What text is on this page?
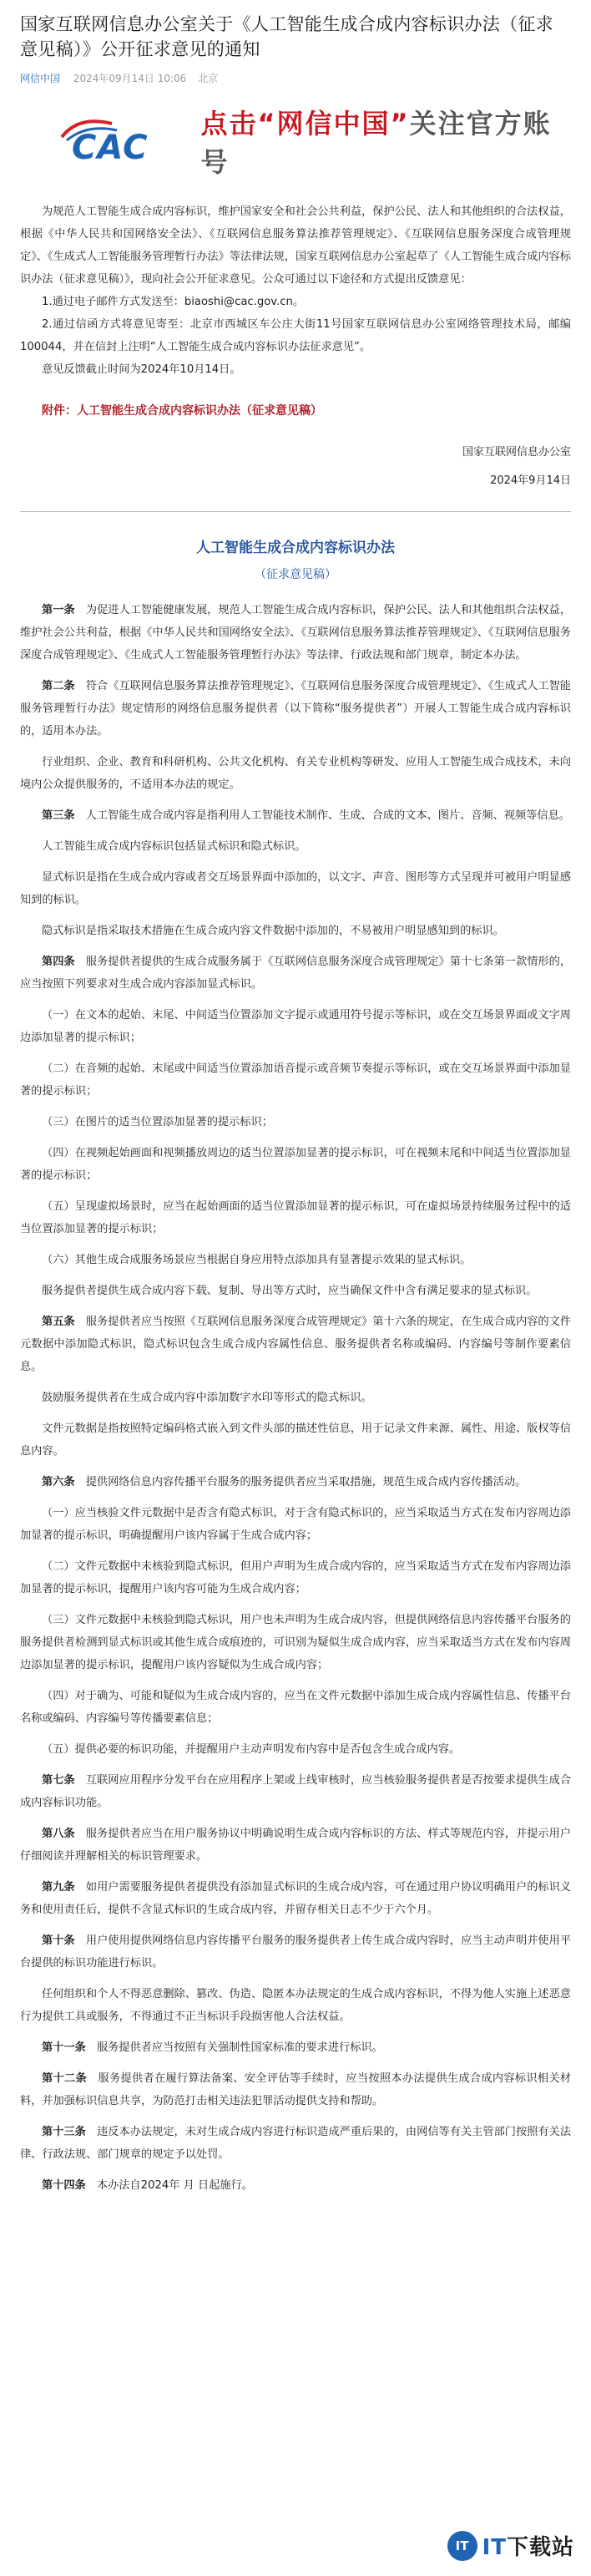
国家互联网信息办公室关于《人工智能生成合成内容标识办法（征求意见稿）》公开征求意见的通知
网信中国 2024年09月14日 10:06 北京
CAC
点击“网信中国”关注官方账号

为规范人工智能生成合成内容标识，维护国家安全和社会公共利益，保护公民、法人和其他组织的合法权益，根据《中华人民共和国网络安全法》、《互联网信息服务算法推荐管理规定》、《互联网信息服务深度合成管理规定》、《生成式人工智能服务管理暂行办法》等法律法规，国家互联网信息办公室起草了《人工智能生成合成内容标识办法（征求意见稿）》，现向社会公开征求意见。公众可通过以下途径和方式提出反馈意见：

1.通过电子邮件方式发送至：biaoshi@cac.gov.cn。

2.通过信函方式将意见寄至：北京市西城区车公庄大街11号国家互联网信息办公室网络管理技术局，邮编100044，并在信封上注明“人工智能生成合成内容标识办法征求意见”。

意见反馈截止时间为2024年10月14日。

附件：人工智能生成合成内容标识办法（征求意见稿）

国家互联网信息办公室
2024年9月14日
人工智能生成合成内容标识办法
（征求意见稿）

第一条　 为促进人工智能健康发展，规范人工智能生成合成内容标识，保护公民、法人和其他组织合法权益，维护社会公共利益，根据《中华人民共和国网络安全法》、《互联网信息服务算法推荐管理规定》、《互联网信息服务深度合成管理规定》、《生成式人工智能服务管理暂行办法》等法律、行政法规和部门规章，制定本办法。

第二条　 符合《互联网信息服务算法推荐管理规定》、《互联网信息服务深度合成管理规定》、《生成式人工智能服务管理暂行办法》规定情形的网络信息服务提供者（以下简称“服务提供者”）开展人工智能生成合成内容标识的，适用本办法。

行业组织、企业、教育和科研机构、公共文化机构、有关专业机构等研发、应用人工智能生成合成技术，未向境内公众提供服务的，不适用本办法的规定。

第三条　 人工智能生成合成内容是指利用人工智能技术制作、生成、合成的文本、图片、音频、视频等信息。

人工智能生成合成内容标识包括显式标识和隐式标识。

显式标识是指在生成合成内容或者交互场景界面中添加的，以文字、声音、图形等方式呈现并可被用户明显感知到的标识。

隐式标识是指采取技术措施在生成合成内容文件数据中添加的，不易被用户明显感知到的标识。

第四条　 服务提供者提供的生成合成服务属于《互联网信息服务深度合成管理规定》第十七条第一款情形的，应当按照下列要求对生成合成内容添加显式标识。

（一）在文本的起始、末尾、中间适当位置添加文字提示或通用符号提示等标识，或在交互场景界面或文字周边添加显著的提示标识；

（二）在音频的起始、末尾或中间适当位置添加语音提示或音频节奏提示等标识，或在交互场景界面中添加显著的提示标识；

（三）在图片的适当位置添加显著的提示标识；

（四）在视频起始画面和视频播放周边的适当位置添加显著的提示标识，可在视频末尾和中间适当位置添加显著的提示标识；

（五）呈现虚拟场景时，应当在起始画面的适当位置添加显著的提示标识，可在虚拟场景持续服务过程中的适当位置添加显著的提示标识；

（六）其他生成合成服务场景应当根据自身应用特点添加具有显著提示效果的显式标识。

服务提供者提供生成合成内容下载、复制、导出等方式时，应当确保文件中含有满足要求的显式标识。

第五条　 服务提供者应当按照《互联网信息服务深度合成管理规定》第十六条的规定，在生成合成内容的文件元数据中添加隐式标识，隐式标识包含生成合成内容属性信息、服务提供者名称或编码、内容编号等制作要素信息。

鼓励服务提供者在生成合成内容中添加数字水印等形式的隐式标识。

文件元数据是指按照特定编码格式嵌入到文件头部的描述性信息，用于记录文件来源、属性、用途、版权等信息内容。

第六条　 提供网络信息内容传播平台服务的服务提供者应当采取措施，规范生成合成内容传播活动。

（一）应当核验文件元数据中是否含有隐式标识，对于含有隐式标识的，应当采取适当方式在发布内容周边添加显著的提示标识，明确提醒用户该内容属于生成合成内容；

（二）文件元数据中未核验到隐式标识，但用户声明为生成合成内容的，应当采取适当方式在发布内容周边添加显著的提示标识，提醒用户该内容可能为生成合成内容；

（三）文件元数据中未核验到隐式标识，用户也未声明为生成合成内容，但提供网络信息内容传播平台服务的服务提供者检测到显式标识或其他生成合成痕迹的，可识别为疑似生成合成内容，应当采取适当方式在发布内容周边添加显著的提示标识，提醒用户该内容疑似为生成合成内容；

（四）对于确为、可能和疑似为生成合成内容的，应当在文件元数据中添加生成合成内容属性信息、传播平台名称或编码、内容编号等传播要素信息；

（五）提供必要的标识功能，并提醒用户主动声明发布内容中是否包含生成合成内容。

第七条　 互联网应用程序分发平台在应用程序上架或上线审核时，应当核验服务提供者是否按要求提供生成合成内容标识功能。

第八条　 服务提供者应当在用户服务协议中明确说明生成合成内容标识的方法、样式等规范内容，并提示用户仔细阅读并理解相关的标识管理要求。

第九条　 如用户需要服务提供者提供没有添加显式标识的生成合成内容，可在通过用户协议明确用户的标识义务和使用责任后，提供不含显式标识的生成合成内容，并留存相关日志不少于六个月。

第十条　 用户使用提供网络信息内容传播平台服务的服务提供者上传生成合成内容时，应当主动声明并使用平台提供的标识功能进行标识。

任何组织和个人不得恶意删除、篡改、伪造、隐匿本办法规定的生成合成内容标识，不得为他人实施上述恶意行为提供工具或服务，不得通过不正当标识手段损害他人合法权益。

第十一条　 服务提供者应当按照有关强制性国家标准的要求进行标识。

第十二条　 服务提供者在履行算法备案、安全评估等手续时，应当按照本办法提供生成合成内容标识相关材料，并加强标识信息共享，为防范打击相关违法犯罪活动提供支持和帮助。

第十三条　 违反本办法规定，未对生成合成内容进行标识造成严重后果的，由网信等有关主管部门按照有关法律、行政法规、部门规章的规定予以处罚。

第十四条　 本办法自2024年 月 日起施行。

IT IT下载站
